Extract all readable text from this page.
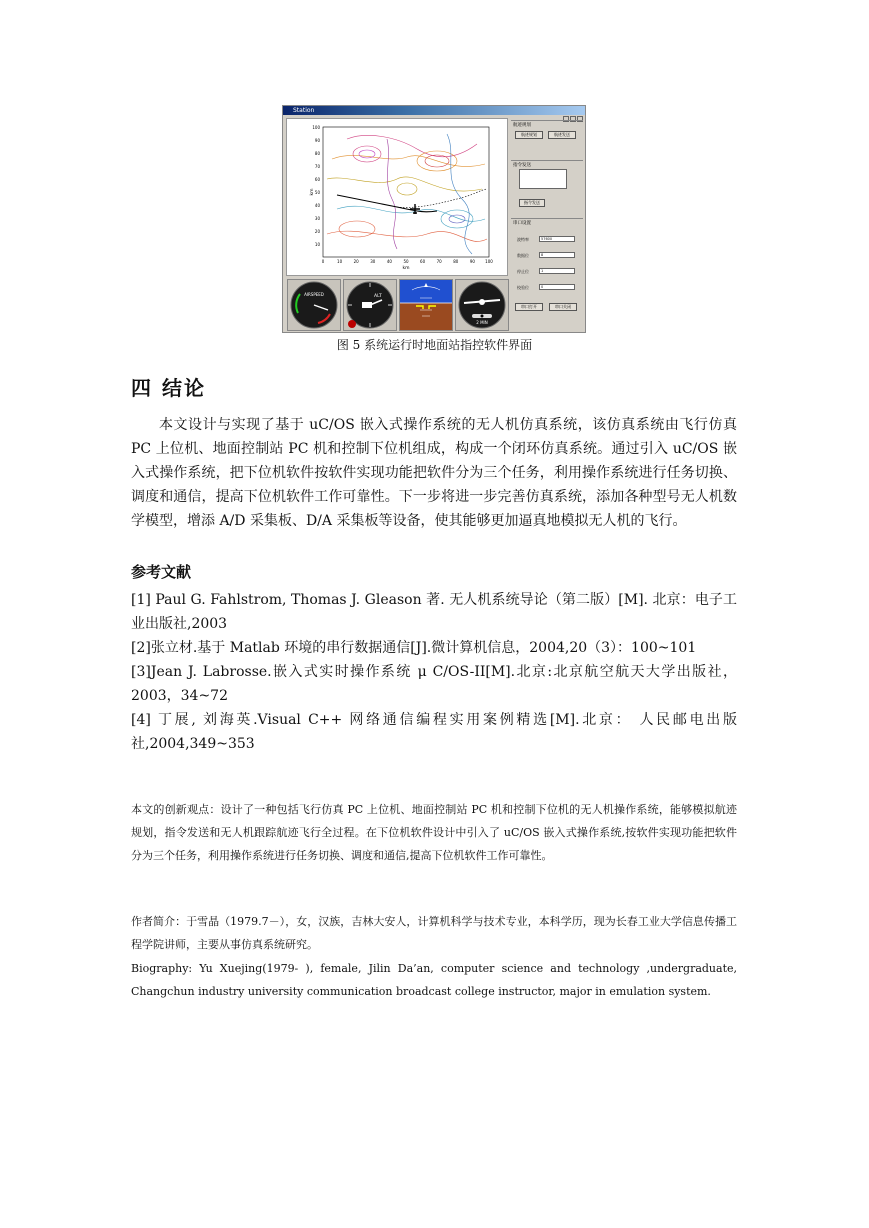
Station
100
90
80
70
60
50
40
30
20
10
0	10	20	30	40	50	60	70	80	90	100
km
km
AIRSPEED	ALT
2 MIN
航迹规划
航迹规划	航迹发送
指令发送
指令发送
串口设置
波特率	57600
数据位	8
停止位	1
校验位	0
串口打开	串口关闭
图 5 系统运行时地面站指控软件界面
四 结论

本文设计与实现了基于 uC/OS 嵌入式操作系统的无人机仿真系统，该仿真系统由飞行仿真 PC 上位机、地面控制站 PC 机和控制下位机组成，构成一个闭环仿真系统。通过引入 uC/OS 嵌入式操作系统，把下位机软件按软件实现功能把软件分为三个任务，利用操作系统进行任务切换、调度和通信，提高下位机软件工作可靠性。下一步将进一步完善仿真系统，添加各种型号无人机数学模型，增添 A/D 采集板、D/A 采集板等设备，使其能够更加逼真地模拟无人机的飞行。

参考文献
[1] Paul G. Fahlstrom, Thomas J. Gleason 著. 无人机系统导论（第二版）[M]. 北京：电子工业出版社,2003
[2]张立材.基于 Matlab 环境的串行数据通信[J].微计算机信息，2004,20（3）：100~101
[3]Jean J. Labrosse.嵌入式实时操作系统 μ C/OS-II[M].北京:北京航空航天大学出版社，2003，34~72
[4] 丁展, 刘海英.Visual C++ 网络通信编程实用案例精选[M].北京： 人民邮电出版社,2004,349~353

本文的创新观点：设计了一种包括飞行仿真 PC 上位机、地面控制站 PC 机和控制下位机的无人机操作系统，能够模拟航迹规划，指令发送和无人机跟踪航迹飞行全过程。在下位机软件设计中引入了 uC/OS 嵌入式操作系统,按软件实现功能把软件分为三个任务，利用操作系统进行任务切换、调度和通信,提高下位机软件工作可靠性。

作者简介：于雪晶（1979.7－），女，汉族，吉林大安人，计算机科学与技术专业，本科学历，现为长春工业大学信息传播工程学院讲师，主要从事仿真系统研究。

Biography: Yu Xuejing(1979- ), female, Jilin Da’an, computer science and technology ,undergraduate, Changchun industry university communication broadcast college instructor, major in emulation system.
